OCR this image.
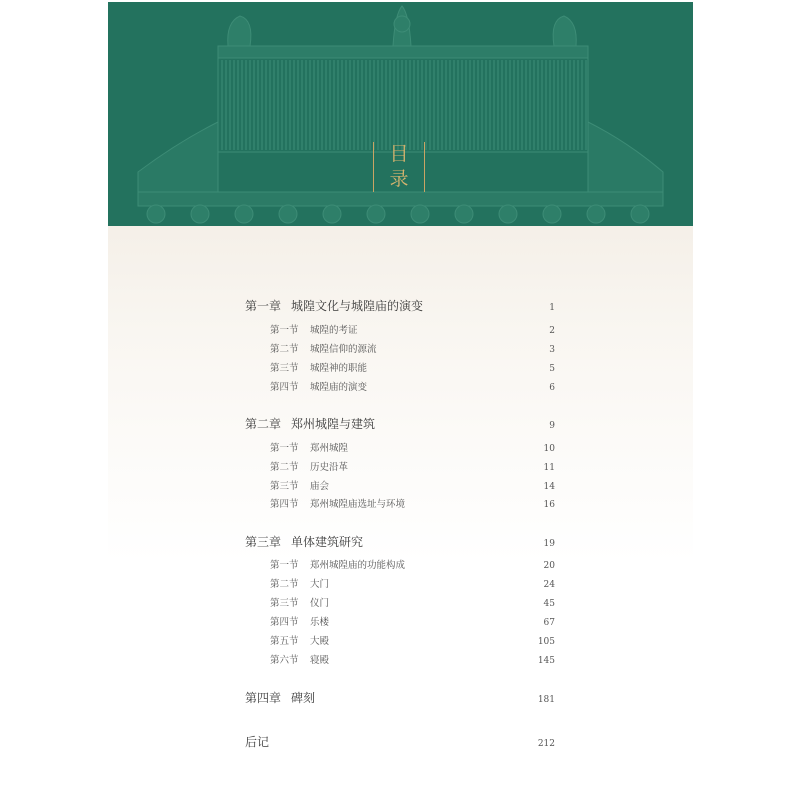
目
录
第一章 城隍文化与城隍庙的演变	1
第一节	城隍的考证	2
第二节	城隍信仰的源流	3
第三节	城隍神的职能	5
第四节	城隍庙的演变	6
第二章 郑州城隍与建筑	9
第一节	郑州城隍	10
第二节	历史沿革	11
第三节	庙会	14
第四节	郑州城隍庙选址与环境	16
第三章 单体建筑研究	19
第一节	郑州城隍庙的功能构成	20
第二节	大门	24
第三节	仪门	45
第四节	乐楼	67
第五节	大殿	105
第六节	寝殿	145
第四章 碑刻	181
后记	212
